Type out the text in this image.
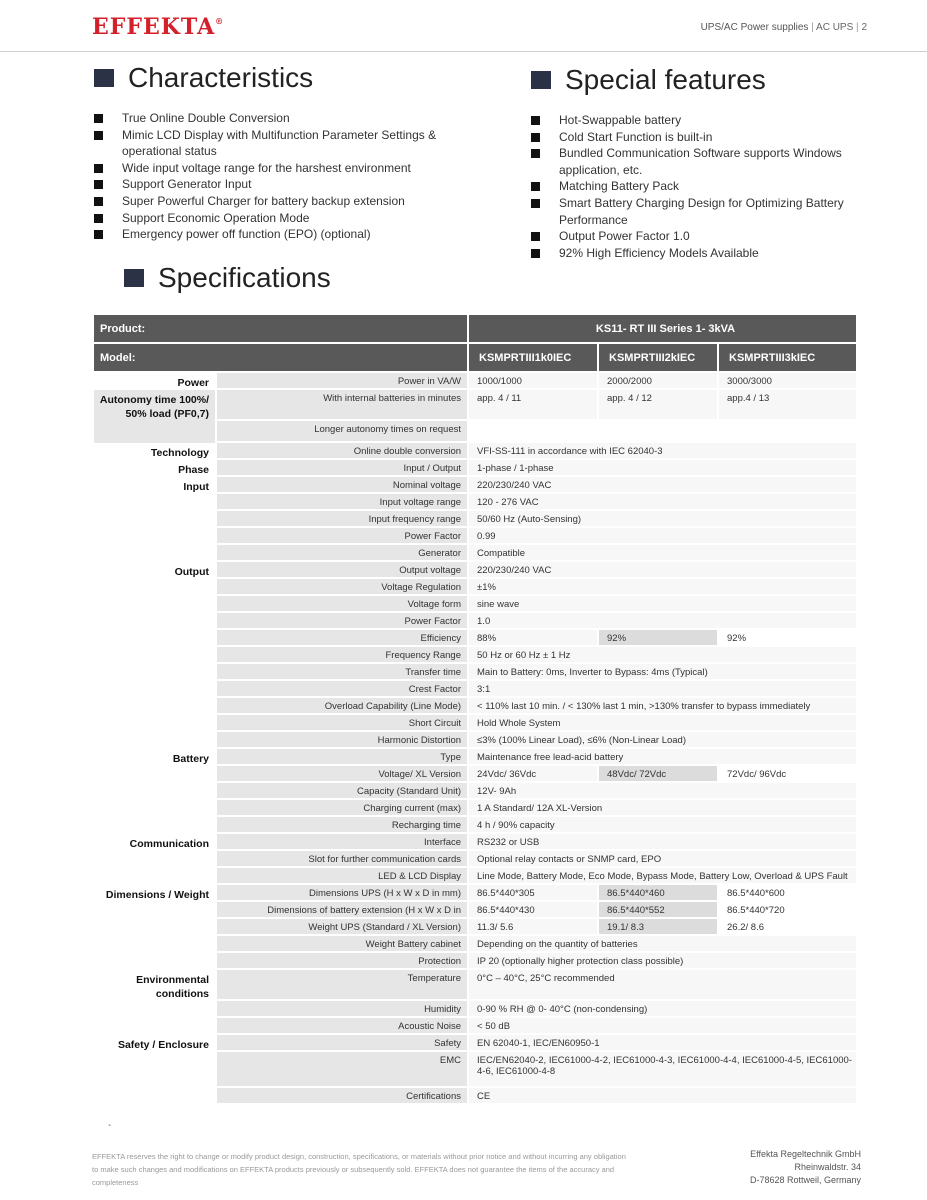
EFFEKTA®
UPS/AC Power supplies | AC UPS | 2
Characteristics
True Online Double Conversion
Mimic LCD Display with Multifunction Parameter Settings & operational status
Wide input voltage range for the harshest environment
Support Generator Input
Super Powerful Charger for battery backup extension
Support Economic Operation Mode
Emergency power off function (EPO) (optional)
Special features
Hot-Swappable battery
Cold Start Function is built-in
Bundled Communication Software supports Windows application, etc.
Matching Battery Pack
Smart Battery Charging Design for Optimizing Battery Performance
Output Power Factor 1.0
92% High Efficiency Models Available
Specifications
Product:		KS11- RT III Series 1- 3kVA		

Model:		KSMPRTIII1k0IEC	KSMPRTIII2kIEC	KSMPRTIII3kIEC

Power	Power in VA/W	1000/1000	2000/2000	3000/3000
Autonomy time 100%/ 50% load (PF0,7)	With internal batteries in minutes	app. 4 / 11	app. 4 / 12	app.4 / 13
	Longer autonomy times on request			
Technology	Online double conversion	VFI-SS-111 in accordance with IEC 62040-3		
Phase	Input / Output	1-phase / 1-phase		
Input	Nominal voltage	220/230/240 VAC		
	Input voltage range	120 - 276 VAC		
	Input frequency range	50/60 Hz (Auto-Sensing)		
	Power Factor	0.99		
	Generator	Compatible		
Output	Output voltage	220/230/240 VAC		
	Voltage Regulation	±1%		
	Voltage form	sine wave		
	Power Factor	1.0		
	Efficiency	88%	92%	92%
	Frequency Range	50 Hz or 60 Hz ± 1 Hz		
	Transfer time	Main to Battery: 0ms, Inverter to Bypass: 4ms (Typical)		
	Crest Factor	3:1		
	Overload Capability (Line Mode)	< 110% last 10 min. / < 130% last 1 min, >130% transfer to bypass immediately		
	Short Circuit	Hold Whole System		
	Harmonic Distortion	≤3% (100% Linear Load), ≤6% (Non-Linear Load)		
Battery	Type	Maintenance free lead-acid battery		
	Voltage/ XL Version	24Vdc/ 36Vdc	48Vdc/ 72Vdc	72Vdc/ 96Vdc
	Capacity (Standard Unit)	12V- 9Ah		
	Charging current (max)	1 A Standard/ 12A XL-Version		
	Recharging time	4 h / 90% capacity		
Communication	Interface	RS232 or USB		
	Slot for further communication cards	Optional relay contacts or SNMP card, EPO		
	LED & LCD Display	Line Mode, Battery Mode, Eco Mode, Bypass Mode, Battery Low, Overload & UPS Fault		
Dimensions / Weight	Dimensions UPS (H x W x D in mm)	86.5*440*305	86.5*440*460	86.5*440*600
	Dimensions of battery extension (H x W x D in	86.5*440*430	86.5*440*552	86.5*440*720
	Weight UPS (Standard / XL Version)	11.3/ 5.6	19.1/ 8.3	26.2/ 8.6
	Weight Battery cabinet	Depending on the quantity of batteries		
	Protection	IP 20 (optionally higher protection class possible)		
Environmental conditions	Temperature	0°C – 40°C, 25°C recommended		
	Humidity	0-90 % RH @ 0- 40°C (non-condensing)		
	Acoustic Noise	< 50 dB		
Safety / Enclosure	Safety	EN 62040-1, IEC/EN60950-1		
	EMC	IEC/EN62040-2, IEC61000-4-2, IEC61000-4-3, IEC61000-4-4, IEC61000-4-5, IEC61000-4-6, IEC61000-4-8		
	Certifications	CE		
`
EFFEKTA reserves the right to change or modify product design, construction, specifications, or materials without prior notice and without incurring any obligation to make such changes and modifications on EFFEKTA products previously or subsequently sold. EFFEKTA does not guarantee the items of the accuracy and completeness
Effekta Regeltechnik GmbH
Rheinwaldstr. 34
D-78628 Rottweil, Germany
